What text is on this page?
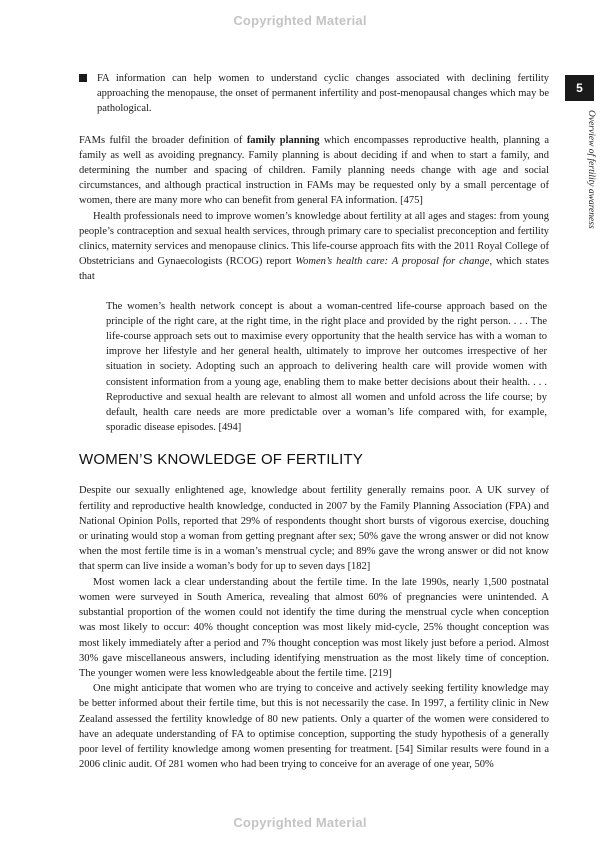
Copyrighted Material
5
Overview of fertility awareness

FA information can help women to understand cyclic changes associated with declining fertility approaching the menopause, the onset of permanent infertility and post-menopausal changes which may be pathological.

FAMs fulfil the broader definition of family planning which encompasses reproductive health, planning a family as well as avoiding pregnancy. Family planning is about deciding if and when to start a family, and determining the number and spacing of children. Family planning needs change with age and social circumstances, and although practical instruction in FAMs may be requested only by a small percentage of women, there are many more who can benefit from general FA information. [475]

Health professionals need to improve women’s knowledge about fertility at all ages and stages: from young people’s contraception and sexual health services, through primary care to specialist preconception and fertility clinics, maternity services and menopause clinics. This life-course approach fits with the 2011 Royal College of Obstetricians and Gynaecologists (RCOG) report Women’s health care: A proposal for change, which states that

The women’s health network concept is about a woman-centred life-course approach based on the principle of the right care, at the right time, in the right place and provided by the right person. . . . The life-course approach sets out to maximise every opportunity that the health service has with a woman to improve her lifestyle and her general health, ultimately to improve her outcomes irrespective of her situation in society. Adopting such an approach to delivering health care will provide women with consistent information from a young age, enabling them to make better decisions about their health. . . . Reproductive and sexual health are relevant to almost all women and unfold across the life course; by default, health care needs are more predictable over a woman’s life compared with, for example, sporadic disease episodes. [494]
WOMEN’S KNOWLEDGE OF FERTILITY

Despite our sexually enlightened age, knowledge about fertility generally remains poor. A UK survey of fertility and reproductive health knowledge, conducted in 2007 by the Family Planning Association (FPA) and National Opinion Polls, reported that 29% of respondents thought short bursts of vigorous exercise, douching or urinating would stop a woman from getting pregnant after sex; 50% gave the wrong answer or did not know when the most fertile time is in a woman’s menstrual cycle; and 89% gave the wrong answer or did not know that sperm can live inside a woman’s body for up to seven days [182]

Most women lack a clear understanding about the fertile time. In the late 1990s, nearly 1,500 postnatal women were surveyed in South America, revealing that almost 60% of pregnancies were unintended. A substantial proportion of the women could not identify the time during the menstrual cycle when conception was most likely to occur: 40% thought conception was most likely mid-cycle, 25% thought conception was most likely immediately after a period and 7% thought conception was most likely just before a period. Almost 30% gave miscellaneous answers, including identifying menstruation as the most likely time of conception. The younger women were less knowledgeable about the fertile time. [219]

One might anticipate that women who are trying to conceive and actively seeking fertility knowledge may be better informed about their fertile time, but this is not necessarily the case. In 1997, a fertility clinic in New Zealand assessed the fertility knowledge of 80 new patients. Only a quarter of the women were considered to have an adequate understanding of FA to optimise conception, supporting the study hypothesis of a generally poor level of fertility knowledge among women presenting for treatment. [54] Similar results were found in a 2006 clinic audit. Of 281 women who had been trying to conceive for an average of one year, 50%

Copyrighted Material
